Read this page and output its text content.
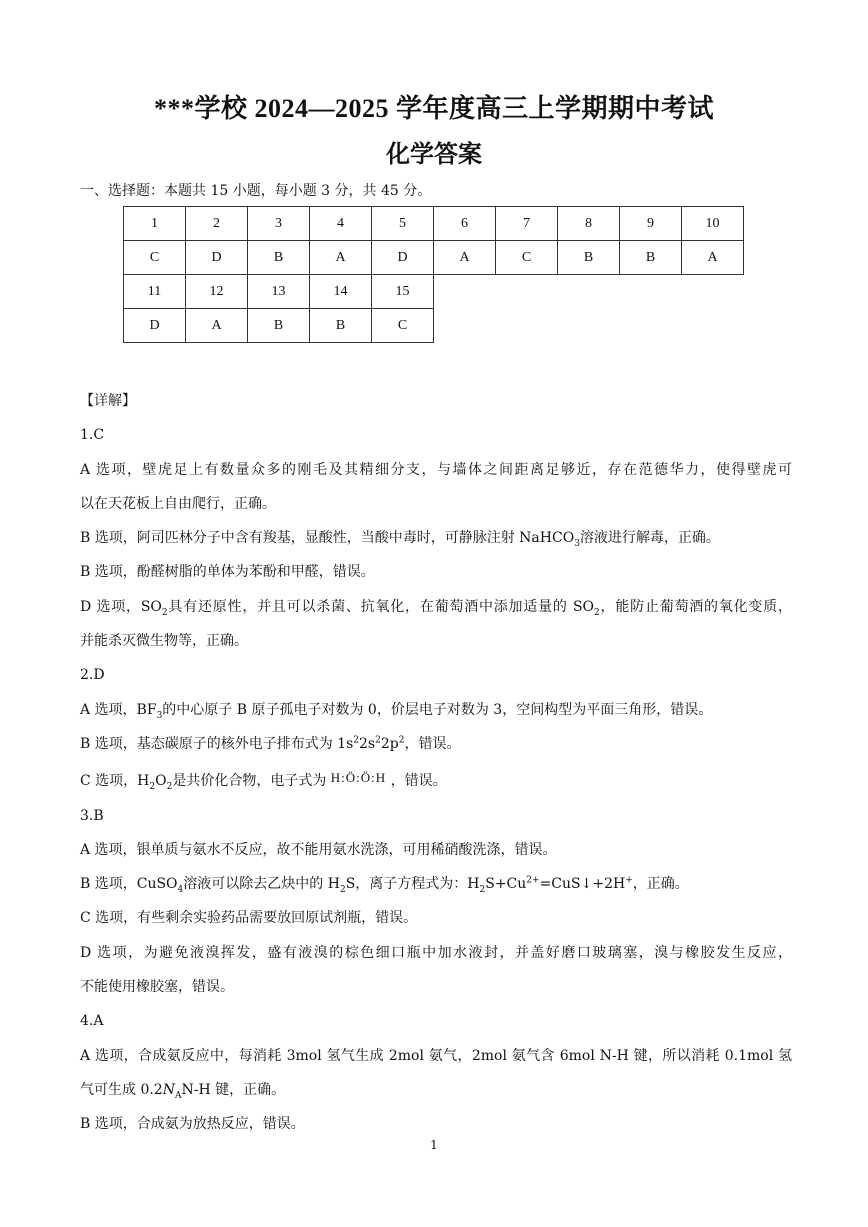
***学校 2024—2025 学年度高三上学期期中考试
化学答案
一、选择题：本题共 15 小题，每小题 3 分，共 45 分。
1	2	3	4	5	6	7	8	9	10
C	D	B	A	D	A	C	B	B	A
11	12	13	14	15					
D	A	B	B	C					

【详解】

1.C

A 选项，壁虎足上有数量众多的刚毛及其精细分支，与墙体之间距离足够近，存在范德华力，使得壁虎可

以在天花板上自由爬行，正确。

B 选项，阿司匹林分子中含有羧基，显酸性，当酸中毒时，可静脉注射 NaHCO$_3$溶液进行解毒，正确。

B 选项，酚醛树脂的单体为苯酚和甲醛，错误。

D 选项，$SO_2$具有还原性，并且可以杀菌、抗氧化，在葡萄酒中添加适量的 $SO_2$，能防止葡萄酒的氧化变质，

并能杀灭微生物等，正确。

2.D

A 选项，$BF_3$的中心原子 B 原子孤电子对数为 0，价层电子对数为 3，空间构型为平面三角形，错误。

B 选项，基态碳原子的核外电子排布式为 $1s^22s^22p^2$，错误。

C 选项，$H_2O_2$是共价化合物，电子式为 H:Ö:Ö:H ，错误。

3.B

A 选项，银单质与氨水不反应，故不能用氨水洗涤，可用稀硝酸洗涤，错误。

B 选项，CuSO$_4$溶液可以除去乙炔中的 $H_2S$，离子方程式为：$H_2S+Cu^{2+}=CuS↓+2H^+$，正确。

C 选项，有些剩余实验药品需要放回原试剂瓶，错误。

D 选项，为避免液溴挥发，盛有液溴的棕色细口瓶中加水液封，并盖好磨口玻璃塞，溴与橡胶发生反应，

不能使用橡胶塞，错误。

4.A

A 选项，合成氨反应中，每消耗 3mol 氢气生成 2mol 氨气，2mol 氨气含 6mol N-H 键，所以消耗 0.1mol 氢

气可生成 $0.2N_AN-H$ 键，正确。

B 选项，合成氨为放热反应，错误。

1
